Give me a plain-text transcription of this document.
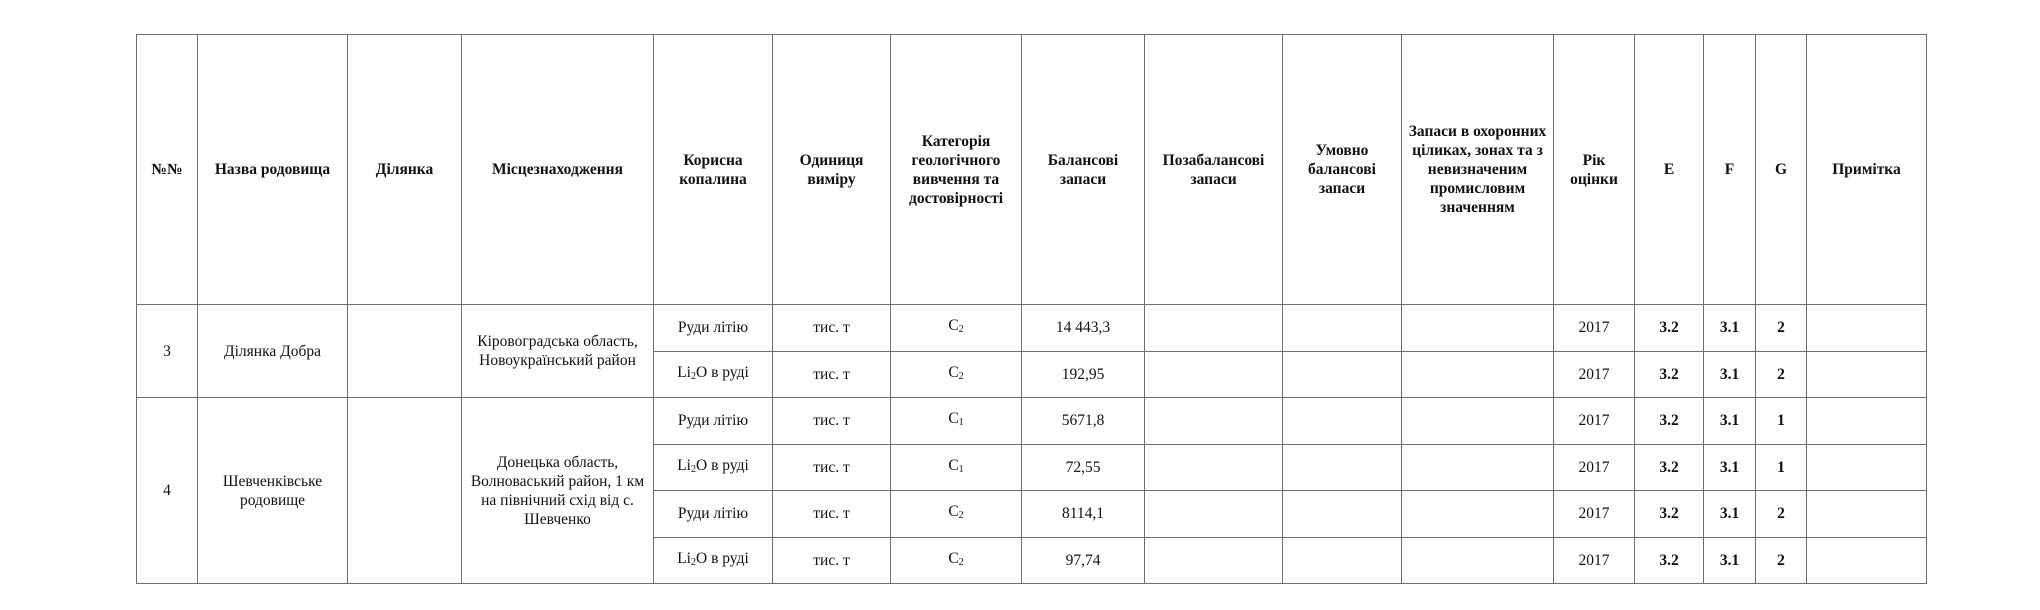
№№	Назва родовища	Ділянка	Місцезнаходження	Корисна копалина	Одиниця виміру	Категорія геологічного вивчення та достовірності	Балансові запаси	Позабалансові запаси	Умовно балансові запаси	Запаси в охоронних ціликах, зонах та з невизначеним промисловим значенням	Рік оцінки	E	F	G	Примітка
3	Ділянка Добра		Кіровоградська область, Новоукраїнський район	Руди літію	тис. т	$C_2$	14 443,3				2017	3.2	3.1	2	
				$Li_2O$ в руді	тис. т	$C_2$	192,95				2017	3.2	3.1	2	
4	Шевченківське родовище		Донецька область, Волноваський район, 1 км на північний схід від с. Шевченко	Руди літію	тис. т	$C_1$	5671,8				2017	3.2	3.1	1	
				$Li_2O$ в руді	тис. т	$C_1$	72,55				2017	3.2	3.1	1	
				Руди літію	тис. т	$C_2$	8114,1				2017	3.2	3.1	2	
				$Li_2O$ в руді	тис. т	$C_2$	97,74				2017	3.2	3.1	2	
